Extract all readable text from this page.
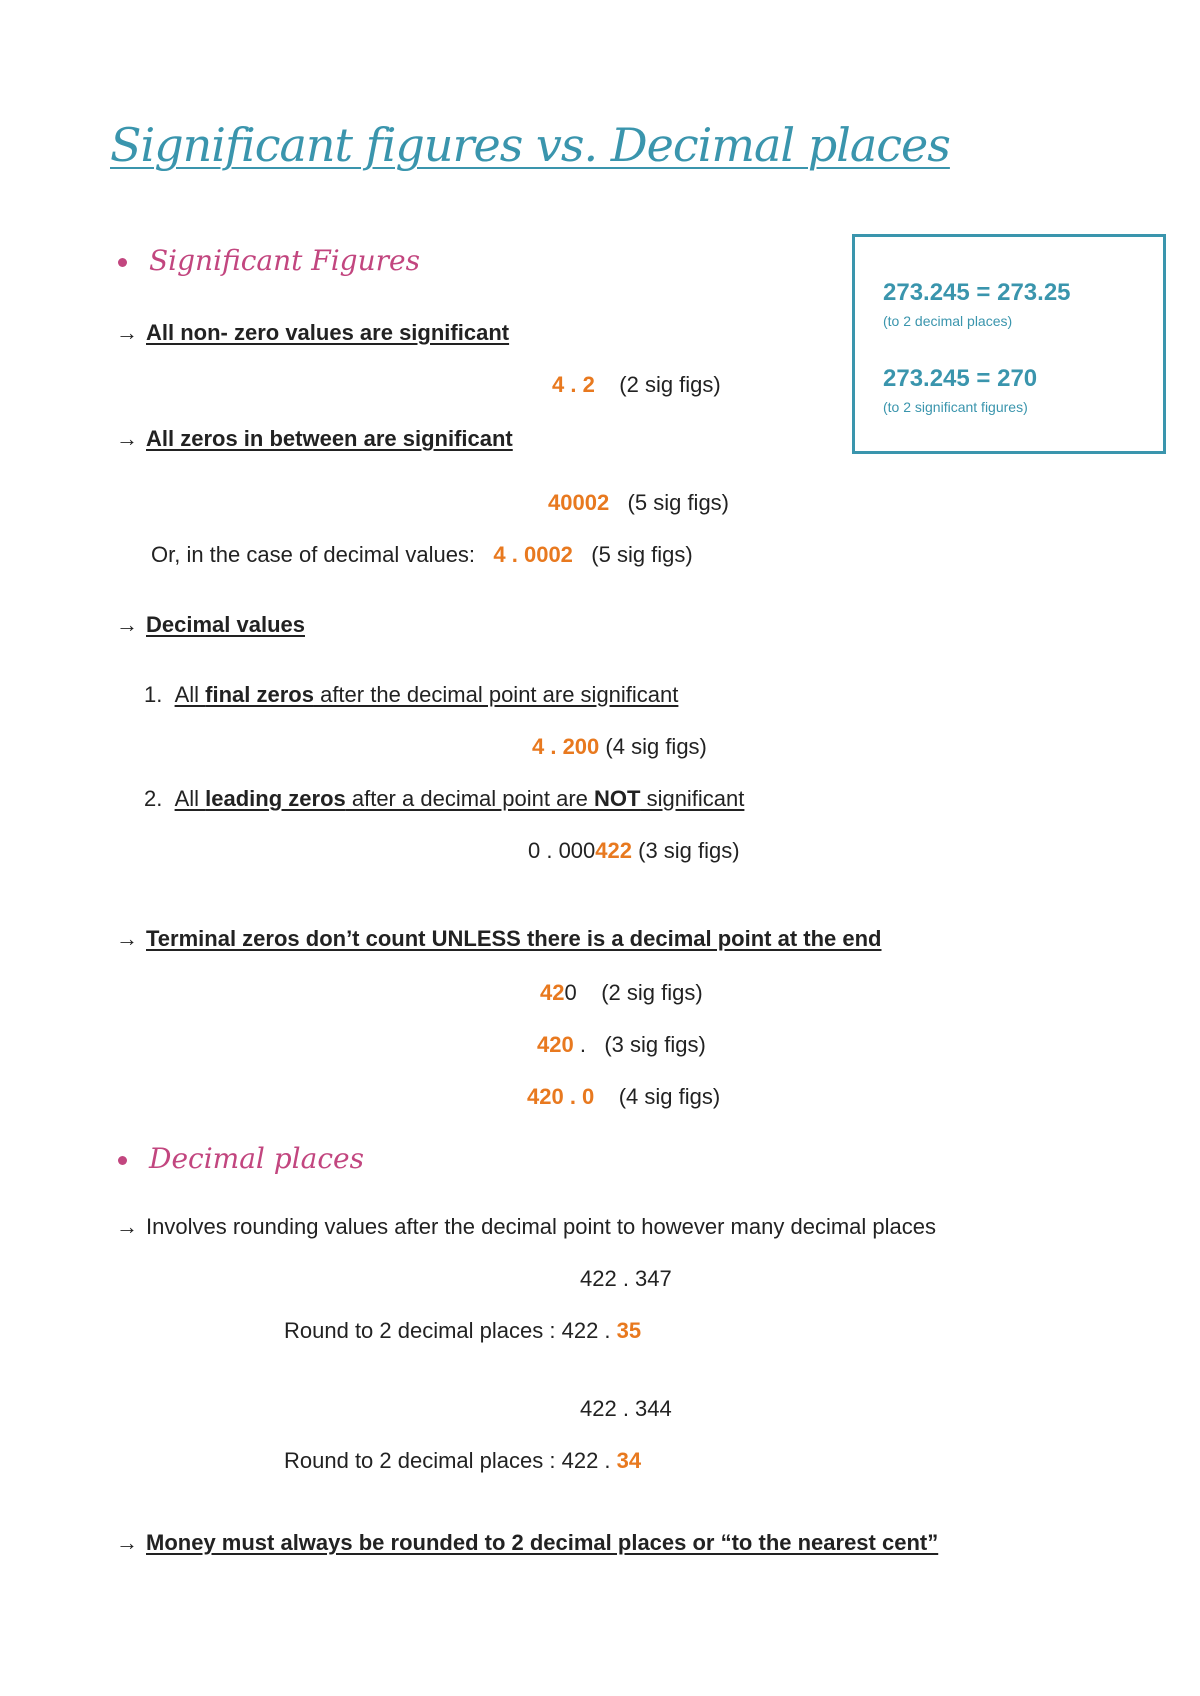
Significant figures vs. Decimal places
Significant Figures
→ All non- zero values are significant
4 . 2 (2 sig figs)
→ All zeros in between are significant
40002 (5 sig figs)
Or, in the case of decimal values: 4 . 0002 (5 sig figs)
→ Decimal values
1. All final zeros after the decimal point are significant
4 . 200 (4 sig figs)
2. All leading zeros after a decimal point are NOT significant
0 . 000422 (3 sig figs)
→ Terminal zeros don’t count UNLESS there is a decimal point at the end
420 (2 sig figs)
420 . (3 sig figs)
420 . 0 (4 sig figs)
Decimal places
→ Involves rounding values after the decimal point to however many decimal places
422 . 347
Round to 2 decimal places : 422 . 35
422 . 344
Round to 2 decimal places : 422 . 34
→ Money must always be rounded to 2 decimal places or “to the nearest cent”
273.245 = 273.25
(to 2 decimal places)
273.245 = 270
(to 2 significant figures)
